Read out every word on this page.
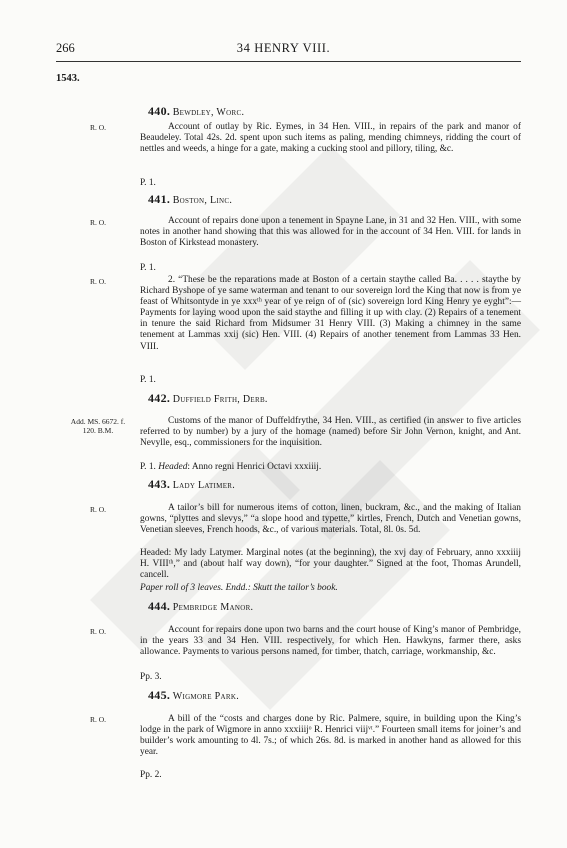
266	34 HENRY VIII.
1543.
440. Bewdley, Worc.
R. O.	Account of outlay by Ric. Eymes, in 34 Hen. VIII., in repairs of the park and manor of Beaudeley. Total 42s. 2d. spent upon such items as paling, mending chimneys, ridding the court of nettles and weeds, a hinge for a gate, making a cucking stool and pillory, tiling, &c.
P. 1.
441. Boston, Linc.
R. O.	Account of repairs done upon a tenement in Spayne Lane, in 31 and 32 Hen. VIII., with some notes in another hand showing that this was allowed for in the account of 34 Hen. VIII. for lands in Boston of Kirkstead monastery.
P. 1.
R. O.	2. “These be the reparations made at Boston of a certain staythe called Ba. . . . . staythe by Richard Byshope of ye same waterman and tenant to our sovereign lord the King that now is from ye feast of Whitsontyde in ye xxxᵗʰ year of ye reign of of (sic) sovereign lord King Henry ye eyght”:—Payments for laying wood upon the said staythe and filling it up with clay. (2) Repairs of a tenement in tenure the said Richard from Midsumer 31 Henry VIII. (3) Making a chimney in the same tenement at Lammas xxij (sic) Hen. VIII. (4) Repairs of another tenement from Lammas 33 Hen. VIII.
P. 1.
442. Duffield Frith, Derb.
Add. MS. 6672. f. 120. B.M.
Customs of the manor of Duffeldfrythe, 34 Hen. VIII., as certified (in answer to five articles referred to by number) by a jury of the homage (named) before Sir John Vernon, knight, and Ant. Nevylle, esq., commissioners for the inquisition.
P. 1. Headed: Anno regni Henrici Octavi xxxiiij.
443. Lady Latimer.
R. O.	A tailor’s bill for numerous items of cotton, linen, buckram, &c., and the making of Italian gowns, “plyttes and slevys,” “a slope hood and typette,” kirtles, French, Dutch and Venetian gowns, Venetian sleeves, French hoods, &c., of various materials. Total, 8l. 0s. 5d.
Headed: My lady Latymer. Marginal notes (at the beginning), the xvj day of February, anno xxxiiij H. VIIIᵗʰ,” and (about half way down), “for your daughter.” Signed at the foot, Thomas Arundell, cancell.
Paper roll of 3 leaves. Endd.: Skutt the tailor’s book.
444. Pembridge Manor.
R. O.	Account for repairs done upon two barns and the court house of King’s manor of Pembridge, in the years 33 and 34 Hen. VIII. respectively, for which Hen. Hawkyns, farmer there, asks allowance. Payments to various persons named, for timber, thatch, carriage, workmanship, &c.
Pp. 3.
445. Wigmore Park.
R. O.	A bill of the “costs and charges done by Ric. Palmere, squire, in building upon the King’s lodge in the park of Wigmore in anno xxxiiijᵒ R. Henrici viijᵛᵗ.” Fourteen small items for joiner’s and builder’s work amounting to 4l. 7s.; of which 26s. 8d. is marked in another hand as allowed for this year.
Pp. 2.
